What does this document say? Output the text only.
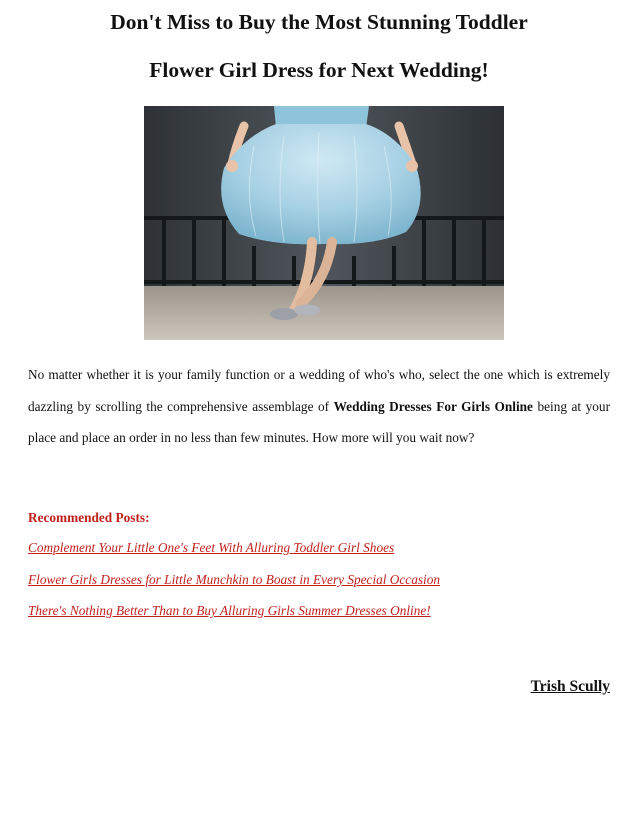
Don't Miss to Buy the Most Stunning Toddler
Flower Girl Dress for Next Wedding!

No matter whether it is your family function or a wedding of who's who, select the one which is extremely dazzling by scrolling the comprehensive assemblage of Wedding Dresses For Girls Online being at your place and place an order in no less than few minutes. How more will you wait now?

Recommended Posts:
Complement Your Little One's Feet With Alluring Toddler Girl Shoes
Flower Girls Dresses for Little Munchkin to Boast in Every Special Occasion
There's Nothing Better Than to Buy Alluring Girls Summer Dresses Online!
Trish Scully
